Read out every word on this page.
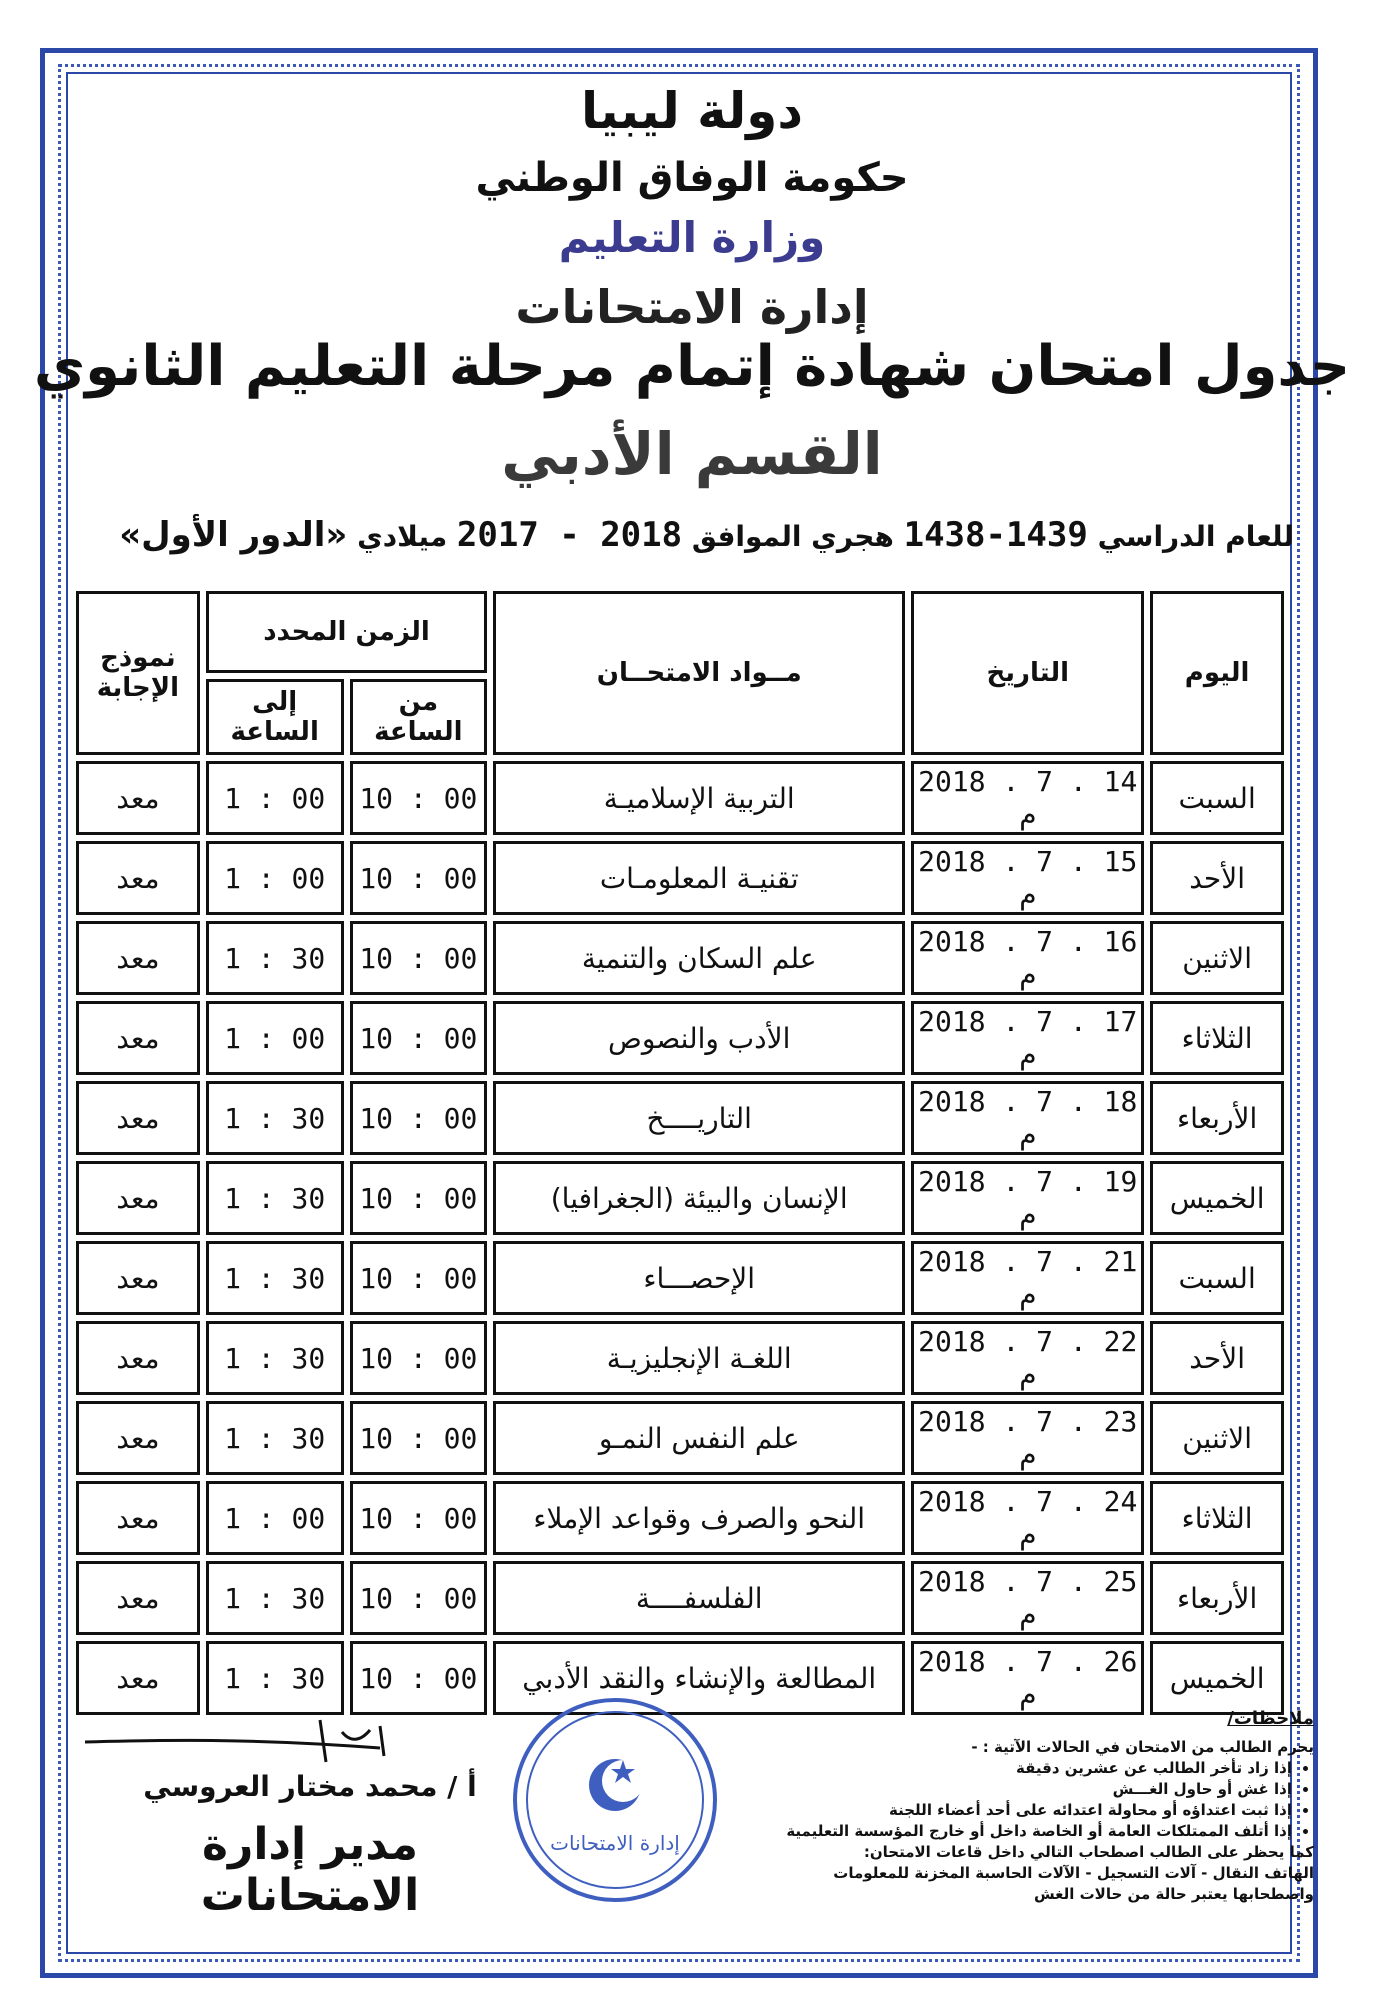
دولة ليبيا
حكومة الوفاق الوطني
وزارة التعليم
إدارة الامتحانات
جدول امتحان شهادة إتمام مرحلة التعليم الثانوي
القسم الأدبي
للعام الدراسي 1438-1439 هجري الموافق 2017 - 2018 ميلادي «الدور الأول»
اليوم	التاريخ	مــواد الامتحــان	الزمن المحدد		نموذج الإجابة
			من الساعة	إلى الساعة	
السبت	2018 . 7 . 14 م	التربية الإسلاميـة	10 : 00	1 : 00	معد
الأحد	2018 . 7 . 15 م	تقنيـة المعلومـات	10 : 00	1 : 00	معد
الاثنين	2018 . 7 . 16 م	علم السكان والتنمية	10 : 00	1 : 30	معد
الثلاثاء	2018 . 7 . 17 م	الأدب والنصوص	10 : 00	1 : 00	معد
الأربعاء	2018 . 7 . 18 م	التاريــــخ	10 : 00	1 : 30	معد
الخميس	2018 . 7 . 19 م	الإنسان والبيئة (الجغرافيا)	10 : 00	1 : 30	معد
السبت	2018 . 7 . 21 م	الإحصـــاء	10 : 00	1 : 30	معد
الأحد	2018 . 7 . 22 م	اللغـة الإنجليزيـة	10 : 00	1 : 30	معد
الاثنين	2018 . 7 . 23 م	علم النفس النمـو	10 : 00	1 : 30	معد
الثلاثاء	2018 . 7 . 24 م	النحو والصرف وقواعد الإملاء	10 : 00	1 : 00	معد
الأربعاء	2018 . 7 . 25 م	الفلسفــــة	10 : 00	1 : 30	معد
الخميس	2018 . 7 . 26 م	المطالعة والإنشاء والنقد الأدبي	10 : 00	1 : 30	معد
ملاحظات/
يحرم الطالب من الامتحان في الحالات الآتية : -
• إذا زاد تأخر الطالب عن عشرين دقيقة
• إذا غش أو حاول الغـــش
• إذا ثبت اعتداؤه أو محاولة اعتدائه على أحد أعضاء اللجنة
• إذا أتلف الممتلكات العامة أو الخاصة داخل أو خارج المؤسسة التعليمية
كما يحظر على الطالب اصطحاب التالي داخل قاعات الامتحان:
الهاتف النقال - آلات التسجيل - الآلات الحاسبة المخزنة للمعلومات
واصطحابها يعتبر حالة من حالات الغش
أ / محمد مختار العروسي
مدير إدارة الامتحانات
إدارة الامتحانات
